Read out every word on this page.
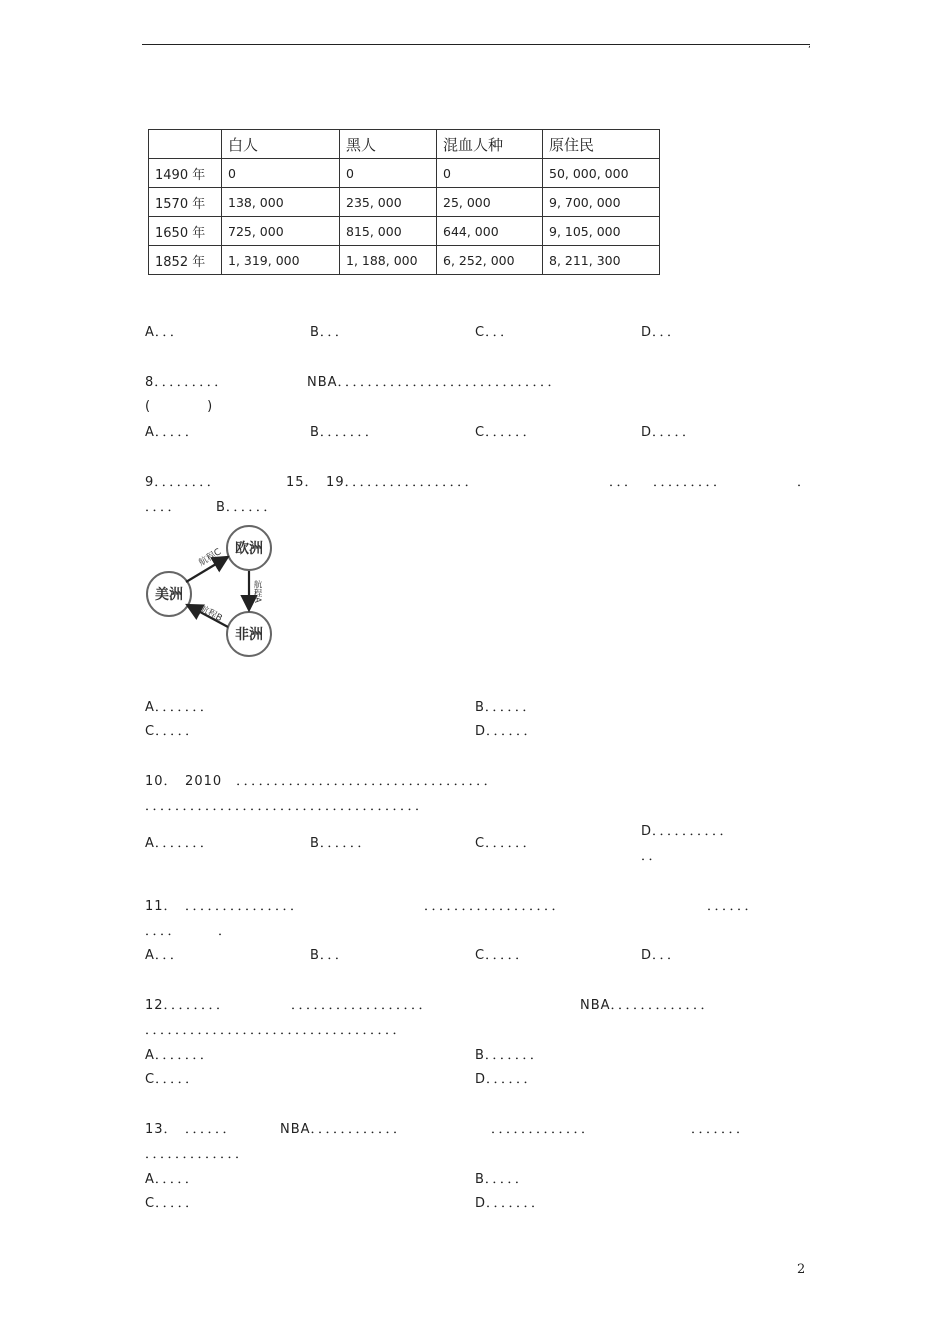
,
	白人	黑人	混血人种	原住民
1490 年	0	0	0	50, 000, 000
1570 年	138, 000	235, 000	25, 000	9, 700, 000
1650 年	725, 000	815, 000	644, 000	9, 105, 000
1852 年	1, 319, 000	1, 188, 000	6, 252, 000	8, 211, 300
A．．．	B．．．	C．．．	D．．．
8．．．．．．．．．	NBA．．．．．．．．．．．．．．．．．．．．．．．．．．．．．
(　　　　)
A．．．．．	B．．．．．．．	C．．．．．．	D．．．．．
9．．．．．．．．	15．　19．．．．．．．．．．．．．．．．．	．．． ．．．．．．．．．	．
．．．．	B．．．．．．
欧洲
美洲
非洲
航程C
航程B
航程A
A．．．．．．．	B．．．．．．
C．．．．．	D．．．．．．
10．　2010　．．．．．．．．．．．．．．．．．．．．．．．．．．．．．．．．．．
．．．．．．．．．．．．．．．．．．．．．．．．．．．．．．．．．．．．．
A．．．．．．．	B．．．．．．	C．．．．．．
D．．．．．．．．．．
．．
11．　．．．．．．．．．．．．．．．	．．．．．．．．．．．．．．．．．．	．．．．．．
．．．．	．
A．．．	B．．．	C．．．．．	D．．．
12．．．．．．．．	．．．．．．．．．．．．．．．．．．	NBA．．．．．．．．．．．．．
．．．．．．．．．．．．．．．．．．．．．．．．．．．．．．．．．．
A．．．．．．．	B．．．．．．．
C．．．．．	D．．．．．．
13．　．．．．．．	NBA．．．．．．．．．．．．	．．．．．．．．．．．．．	．．．．．．．
．．．．．．．．．．．．．
A．．．．．	B．．．．．
C．．．．．	D．．．．．．．
2
